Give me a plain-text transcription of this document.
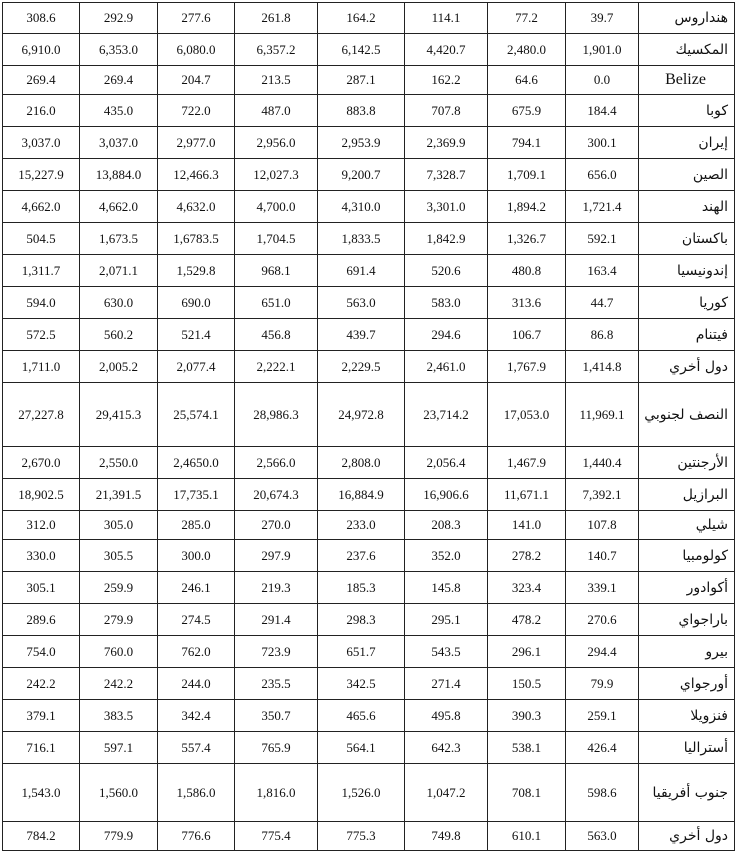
308.6	292.9	277.6	261.8	164.2	114.1	77.2	39.7	هنداروس
6,910.0	6,353.0	6,080.0	6,357.2	6,142.5	4,420.7	2,480.0	1,901.0	المكسيك
269.4	269.4	204.7	213.5	287.1	162.2	64.6	0.0	Belize
216.0	435.0	722.0	487.0	883.8	707.8	675.9	184.4	كوبا
3,037.0	3,037.0	2,977.0	2,956.0	2,953.9	2,369.9	794.1	300.1	إيران
15,227.9	13,884.0	12,466.3	12,027.3	9,200.7	7,328.7	1,709.1	656.0	الصين
4,662.0	4,662.0	4,632.0	4,700.0	4,310.0	3,301.0	1,894.2	1,721.4	الهند
504.5	1,673.5	1,6783.5	1,704.5	1,833.5	1,842.9	1,326.7	592.1	باكستان
1,311.7	2,071.1	1,529.8	968.1	691.4	520.6	480.8	163.4	إندونيسيا
594.0	630.0	690.0	651.0	563.0	583.0	313.6	44.7	كوريا
572.5	560.2	521.4	456.8	439.7	294.6	106.7	86.8	فيتنام
1,711.0	2,005.2	2,077.4	2,222.1	2,229.5	2,461.0	1,767.9	1,414.8	دول أخري
27,227.8	29,415.3	25,574.1	28,986.3	24,972.8	23,714.2	17,053.0	11,969.1	النصف لجنوبي
2,670.0	2,550.0	2,4650.0	2,566.0	2,808.0	2,056.4	1,467.9	1,440.4	الأرجنتين
18,902.5	21,391.5	17,735.1	20,674.3	16,884.9	16,906.6	11,671.1	7,392.1	البرازيل
312.0	305.0	285.0	270.0	233.0	208.3	141.0	107.8	شيلي
330.0	305.5	300.0	297.9	237.6	352.0	278.2	140.7	كولومبيا
305.1	259.9	246.1	219.3	185.3	145.8	323.4	339.1	أكوادور
289.6	279.9	274.5	291.4	298.3	295.1	478.2	270.6	باراجواي
754.0	760.0	762.0	723.9	651.7	543.5	296.1	294.4	بيرو
242.2	242.2	244.0	235.5	342.5	271.4	150.5	79.9	أورجواي
379.1	383.5	342.4	350.7	465.6	495.8	390.3	259.1	فنزويلا
716.1	597.1	557.4	765.9	564.1	642.3	538.1	426.4	أستراليا
1,543.0	1,560.0	1,586.0	1,816.0	1,526.0	1,047.2	708.1	598.6	جنوب أفريقيا
784.2	779.9	776.6	775.4	775.3	749.8	610.1	563.0	دول أخري
